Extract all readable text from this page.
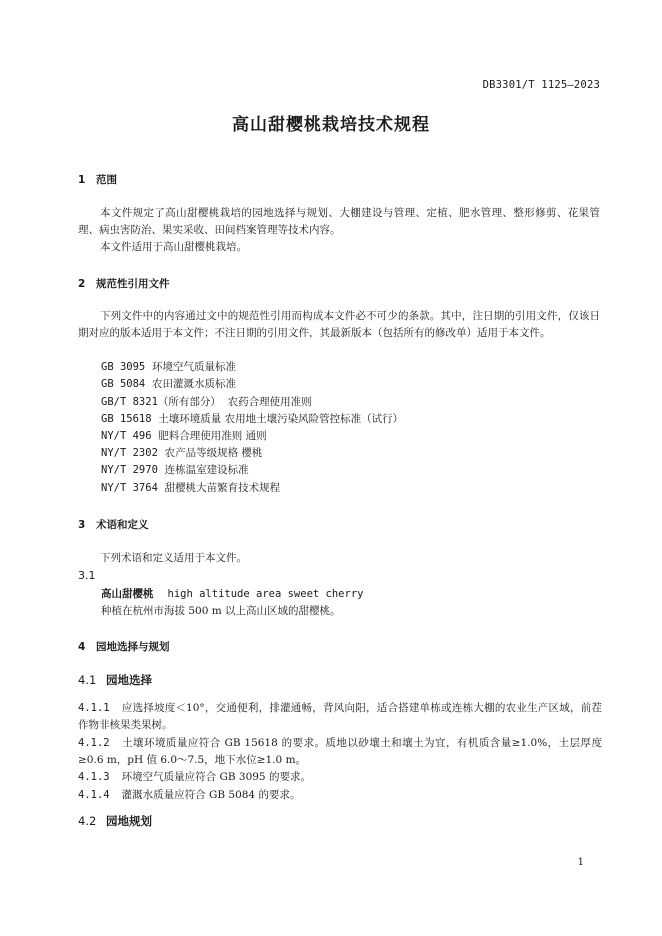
DB3301/T 1125—2023
高山甜樱桃栽培技术规程
1 范围

本文件规定了高山甜樱桃栽培的园地选择与规划、大棚建设与管理、定植、肥水管理、整形修剪、花果管理、病虫害防治、果实采收、田间档案管理等技术内容。

本文件适用于高山甜樱桃栽培。

2 规范性引用文件

下列文件中的内容通过文中的规范性引用而构成本文件必不可少的条款。其中，注日期的引用文件，仅该日期对应的版本适用于本文件；不注日期的引用文件，其最新版本（包括所有的修改单）适用于本文件。

GB 3095 环境空气质量标准
GB 5084 农田灌溉水质标准
GB/T 8321（所有部分） 农药合理使用准则
GB 15618 土壤环境质量 农用地土壤污染风险管控标准（试行）
NY/T 496 肥料合理使用准则 通则
NY/T 2302 农产品等级规格 樱桃
NY/T 2970 连栋温室建设标准
NY/T 3764 甜樱桃大苗繁育技术规程
3 术语和定义

下列术语和定义适用于本文件。

3.1
高山甜樱桃 high altitude area sweet cherry
种植在杭州市海拔 500 m 以上高山区域的甜樱桃。
4 园地选择与规划
4.1 园地选择
4.1.1 应选择坡度＜10°，交通便利，排灌通畅，背风向阳，适合搭建单栋或连栋大棚的农业生产区域，前茬作物非核果类果树。
4.1.2 土壤环境质量应符合 GB 15618 的要求。质地以砂壤土和壤土为宜，有机质含量≥1.0%，土层厚度≥0.6 m，pH 值 6.0～7.5，地下水位≥1.0 m。
4.1.3 环境空气质量应符合 GB 3095 的要求。
4.1.4 灌溉水质量应符合 GB 5084 的要求。
4.2 园地规划
1
